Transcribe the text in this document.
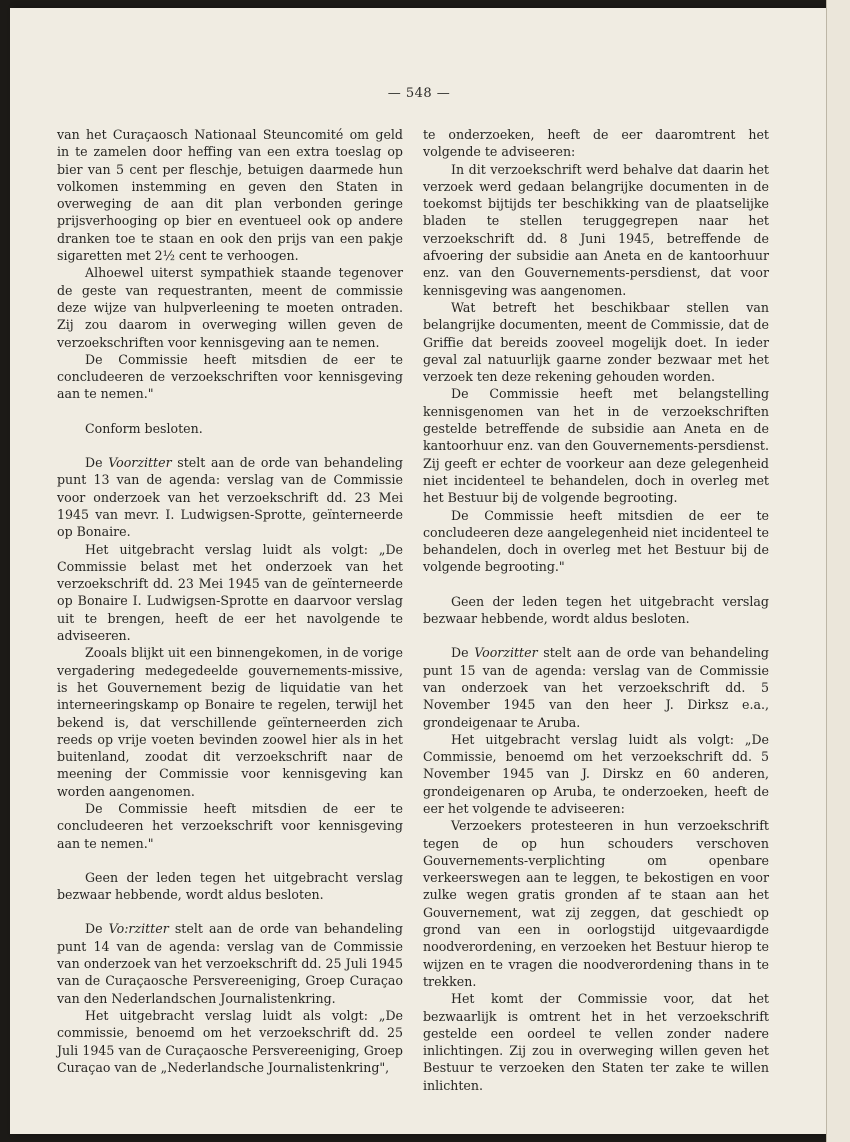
— 548 —

van het Curaçaosch Nationaal Steuncomité om geld in te zamelen door heffing van een extra toeslag op bier van 5 cent per fleschje, betuigen daarmede hun volkomen instemming en geven den Staten in overweging de aan dit plan verbonden geringe prijsverhooging op bier en eventueel ook op andere dranken toe te staan en ook den prijs van een pakje sigaretten met 2½ cent te verhoogen.

Alhoewel uiterst sympathiek staande tegenover de geste van requestranten, meent de commissie deze wijze van hulpverleening te moeten ontraden. Zij zou daarom in overweging willen geven de verzoekschriften voor kennisgeving aan te nemen.

De Commissie heeft mitsdien de eer te concludeeren de verzoekschriften voor kennisgeving aan te nemen."

Conform besloten.

De Voorzitter stelt aan de orde van behandeling punt 13 van de agenda: verslag van de Commissie voor onderzoek van het verzoekschrift dd. 23 Mei 1945 van mevr. I. Ludwigsen-Sprotte, geïnterneerde op Bonaire.

Het uitgebracht verslag luidt als volgt: „De Commissie belast met het onderzoek van het verzoekschrift dd. 23 Mei 1945 van de geïnterneerde op Bonaire I. Ludwigsen-Sprotte en daarvoor verslag uit te brengen, heeft de eer het navolgende te adviseeren.

Zooals blijkt uit een binnengekomen, in de vorige vergadering medegedeelde gouvernements-missive, is het Gouvernement bezig de liquidatie van het interneeringskamp op Bonaire te regelen, terwijl het bekend is, dat verschillende geïnterneerden zich reeds op vrije voeten bevinden zoowel hier als in het buitenland, zoodat dit verzoekschrift naar de meening der Commissie voor kennisgeving kan worden aangenomen.

De Commissie heeft mitsdien de eer te concludeeren het verzoekschrift voor kennisgeving aan te nemen."

Geen der leden tegen het uitgebracht verslag bezwaar hebbende, wordt aldus besloten.

De Vo:rzitter stelt aan de orde van behandeling punt 14 van de agenda: verslag van de Commissie van onderzoek van het verzoekschrift dd. 25 Juli 1945 van de Curaçaosche Persvereeniging, Groep Curaçao van den Nederlandschen Journalistenkring.

Het uitgebracht verslag luidt als volgt: „De commissie, benoemd om het verzoekschrift dd. 25 Juli 1945 van de Curaçaosche Persvereeniging, Groep Curaçao van de „Nederlandsche Journalistenkring",

te onderzoeken, heeft de eer daaromtrent het volgende te adviseeren:

In dit verzoekschrift werd behalve dat daarin het verzoek werd gedaan belangrijke documenten in de toekomst bijtijds ter beschikking van de plaatselijke bladen te stellen teruggegrepen naar het verzoekschrift dd. 8 Juni 1945, betreffende de afvoering der subsidie aan Aneta en de kantoorhuur enz. van den Gouvernements-persdienst, dat voor kennisgeving was aangenomen.

Wat betreft het beschikbaar stellen van belangrijke documenten, meent de Commissie, dat de Griffie dat bereids zooveel mogelijk doet. In ieder geval zal natuurlijk gaarne zonder bezwaar met het verzoek ten deze rekening gehouden worden.

De Commissie heeft met belangstelling kennisgenomen van het in de verzoekschriften gestelde betreffende de subsidie aan Aneta en de kantoorhuur enz. van den Gouvernements-persdienst. Zij geeft er echter de voorkeur aan deze gelegenheid niet incidenteel te behandelen, doch in overleg met het Bestuur bij de volgende begrooting.

De Commissie heeft mitsdien de eer te concludeeren deze aangelegenheid niet incidenteel te behandelen, doch in overleg met het Bestuur bij de volgende begrooting."

Geen der leden tegen het uitgebracht verslag bezwaar hebbende, wordt aldus besloten.

De Voorzitter stelt aan de orde van behandeling punt 15 van de agenda: verslag van de Commissie van onderzoek van het verzoekschrift dd. 5 November 1945 van den heer J. Dirksz e.a., grondeigenaar te Aruba.

Het uitgebracht verslag luidt als volgt: „De Commissie, benoemd om het verzoekschrift dd. 5 November 1945 van J. Dirskz en 60 anderen, grondeigenaren op Aruba, te onderzoeken, heeft de eer het volgende te adviseeren:

Verzoekers protesteeren in hun verzoekschrift tegen de op hun schouders verschoven Gouvernements-verplichting om openbare verkeerswegen aan te leggen, te bekostigen en voor zulke wegen gratis gronden af te staan aan het Gouvernement, wat zij zeggen, dat geschiedt op grond van een in oorlogstijd uitgevaardigde noodverordening, en verzoeken het Bestuur hierop te wijzen en te vragen die noodverordening thans in te trekken.

Het komt der Commissie voor, dat het bezwaarlijk is omtrent het in het verzoekschrift gestelde een oordeel te vellen zonder nadere inlichtingen. Zij zou in overweging willen geven het Bestuur te verzoeken den Staten ter zake te willen inlichten.
